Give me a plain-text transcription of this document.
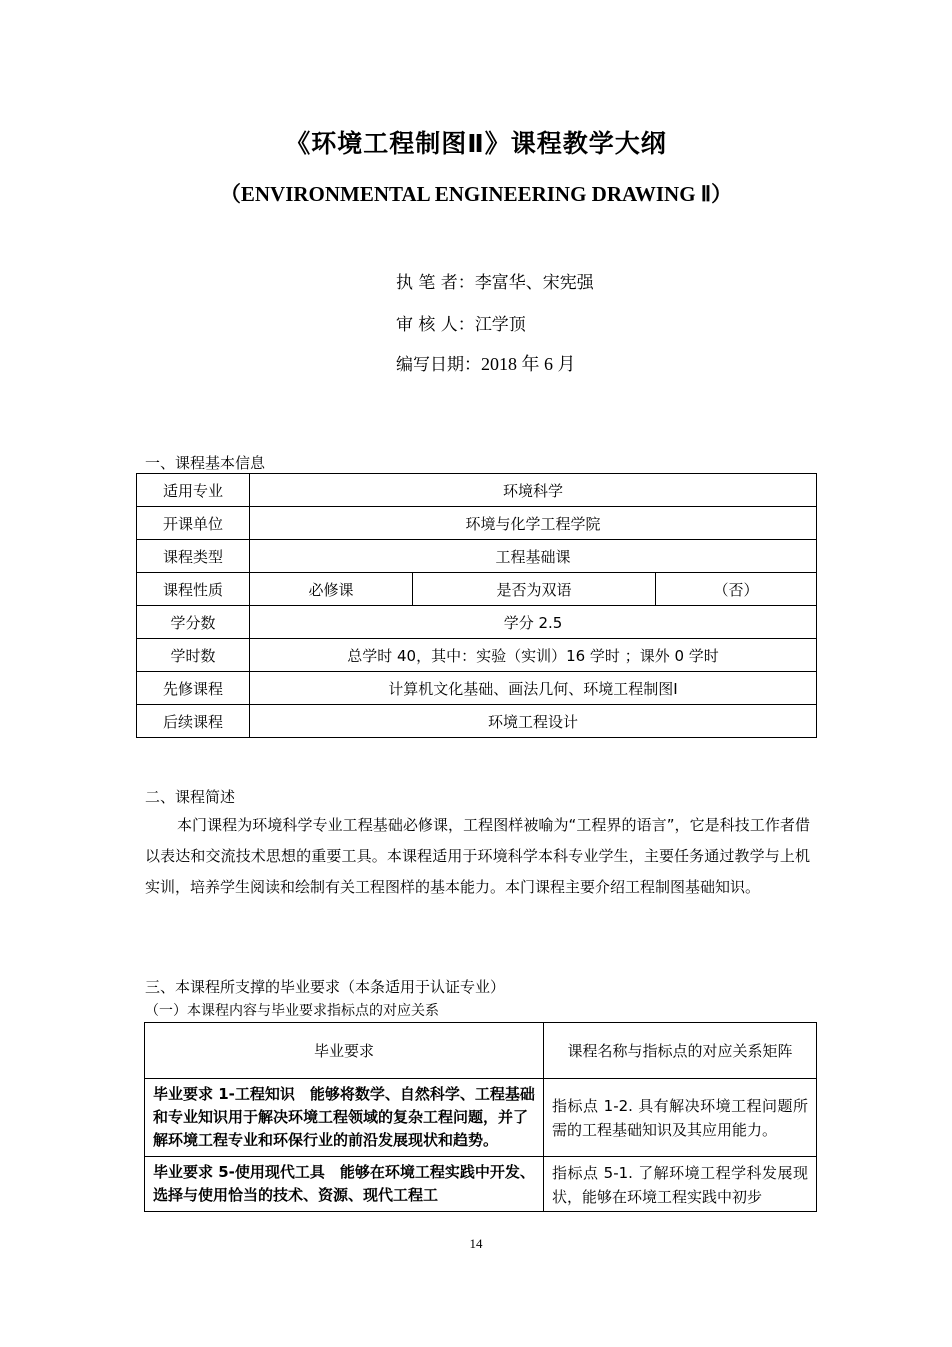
《环境工程制图Ⅱ》课程教学大纲
（ENVIRONMENTAL ENGINEERING DRAWING Ⅱ）
执 笔 者：李富华、宋宪强
审 核 人：江学顶
编写日期：2018 年 6 月
一、课程基本信息
适用专业	环境科学		
开课单位	环境与化学工程学院		
课程类型	工程基础课		
课程性质	必修课	是否为双语	（否）
学分数	学分 2.5		
学时数	总学时 40，其中：实验（实训）16 学时 ；课外 0 学时		
先修课程	计算机文化基础、画法几何、环境工程制图Ⅰ		
后续课程	环境工程设计		
二、课程简述

本门课程为环境科学专业工程基础必修课，工程图样被喻为“工程界的语言”，它是科技工作者借以表达和交流技术思想的重要工具。本课程适用于环境科学本科专业学生，主要任务通过教学与上机实训，培养学生阅读和绘制有关工程图样的基本能力。本门课程主要介绍工程制图基础知识。

三、本课程所支撑的毕业要求（本条适用于认证专业）
（一）本课程内容与毕业要求指标点的对应关系
毕业要求	课程名称与指标点的对应关系矩阵
毕业要求 1-工程知识　能够将数学、自然科学、工程基础和专业知识用于解决环境工程领域的复杂工程问题，并了解环境工程专业和环保行业的前沿发展现状和趋势。	指标点 1-2. 具有解决环境工程问题所需的工程基础知识及其应用能力。

毕业要求 5-使用现代工具　能够在环境工程实践中开发、选择与使用恰当的技术、资源、现代工程工	指标点 5-1. 了解环境工程学科发展现状，能够在环境工程实践中初步
14
